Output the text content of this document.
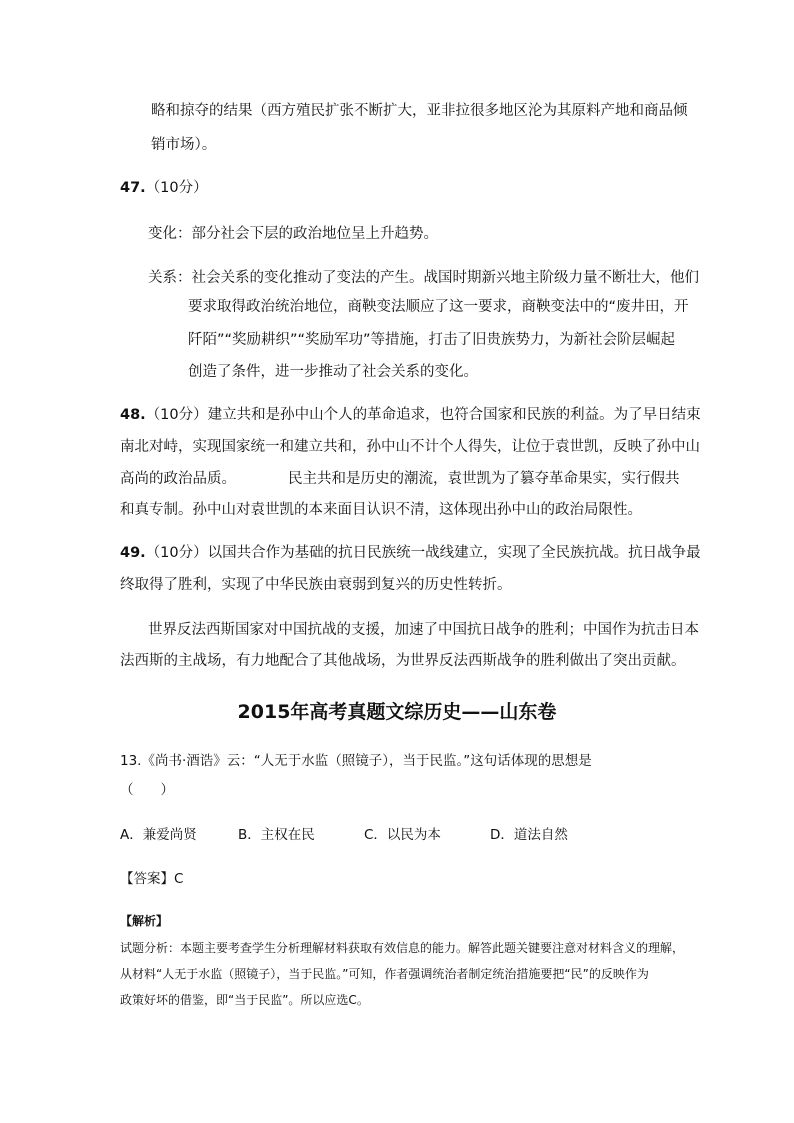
略和掠夺的结果（西方殖民扩张不断扩大，亚非拉很多地区沦为其原料产地和商品倾
销市场）。
47.（10分）
变化：部分社会下层的政治地位呈上升趋势。
关系：社会关系的变化推动了变法的产生。战国时期新兴地主阶级力量不断壮大，他们
要求取得政治统治地位，商鞅变法顺应了这一要求，商鞅变法中的“废井田，开
阡陌”“奖励耕织”“奖励军功”等措施，打击了旧贵族势力，为新社会阶层崛起
创造了条件，进一步推动了社会关系的变化。
48.（10分）建立共和是孙中山个人的革命追求，也符合国家和民族的利益。为了早日结束
南北对峙，实现国家统一和建立共和，孙中山不计个人得失，让位于袁世凯，反映了孙中山
高尚的政治品质。	民主共和是历史的潮流，袁世凯为了篡夺革命果实，实行假共
和真专制。孙中山对袁世凯的本来面目认识不清，这体现出孙中山的政治局限性。
49.（10分）以国共合作为基础的抗日民族统一战线建立，实现了全民族抗战。抗日战争最
终取得了胜利，实现了中华民族由衰弱到复兴的历史性转折。
世界反法西斯国家对中国抗战的支援，加速了中国抗日战争的胜利；中国作为抗击日本
法西斯的主战场，有力地配合了其他战场，为世界反法西斯战争的胜利做出了突出贡献。
2015年高考真题文综历史——山东卷
13.《尚书·酒诰》云：“人无于水监（照镜子），当于民监。”这句话体现的思想是
（　　）
A．兼爱尚贤	B．主权在民	C．以民为本	D．道法自然
【答案】C
【解析】
试题分析：本题主要考查学生分析理解材料获取有效信息的能力。解答此题关键要注意对材料含义的理解，
从材料“人无于水监（照镜子），当于民监。”可知，作者强调统治者制定统治措施要把“民”的反映作为
政策好坏的借鉴，即“当于民监”。所以应选C。
